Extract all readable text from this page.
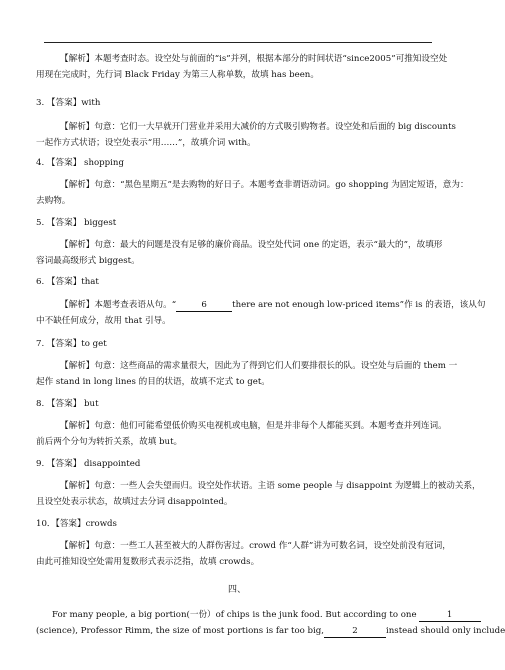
【解析】本题考查时态。设空处与前面的“is”并列，根据本部分的时间状语“since2005”可推知设空处
用现在完成时，先行词 Black Friday 为第三人称单数，故填 has been。
3. 【答案】with
【解析】句意：它们一大早就开门营业并采用大减价的方式吸引购物者。设空处和后面的 big discounts
一起作方式状语；设空处表示“用……”，故填介词 with。
4. 【答案】 shopping
【解析】句意：“黑色星期五”是去购物的好日子。本题考查非谓语动词。go shopping 为固定短语，意为：
去购物。
5. 【答案】 biggest
【解析】句意：最大的问题是没有足够的廉价商品。设空处代词 one 的定语，表示“最大的”，故填形
容词最高级形式 biggest。
6. 【答案】that
【解析】本题考查表语从句。“	6	there are not enough low-priced items”作 is 的表语，该从句
中不缺任何成分，故用 that 引导。
7. 【答案】to get
【解析】句意：这些商品的需求量很大，因此为了得到它们人们要排很长的队。设空处与后面的 them 一
起作 stand in long lines 的目的状语，故填不定式 to get。
8. 【答案】 but
【解析】句意：他们可能希望低价购买电视机或电脑，但是并非每个人都能买到。本题考查并列连词。
前后两个分句为转折关系，故填 but。
9. 【答案】 disappointed
【解析】句意：一些人会失望而归。设空处作状语。主语 some people 与 disappoint 为逻辑上的被动关系，
且设空处表示状态，故填过去分词 disappointed。
10．【答案】crowds
【解析】句意：一些工人甚至被大的人群伤害过。crowd 作“人群”讲为可数名词，设空处前没有冠词，
由此可推知设空处需用复数形式表示泛指，故填 crowds。
四、
For many people, a big portion(一份）of chips is the junk food. But according to one	1
(science), Professor Rimm, the size of most portions is far too big,	2	instead should only include
